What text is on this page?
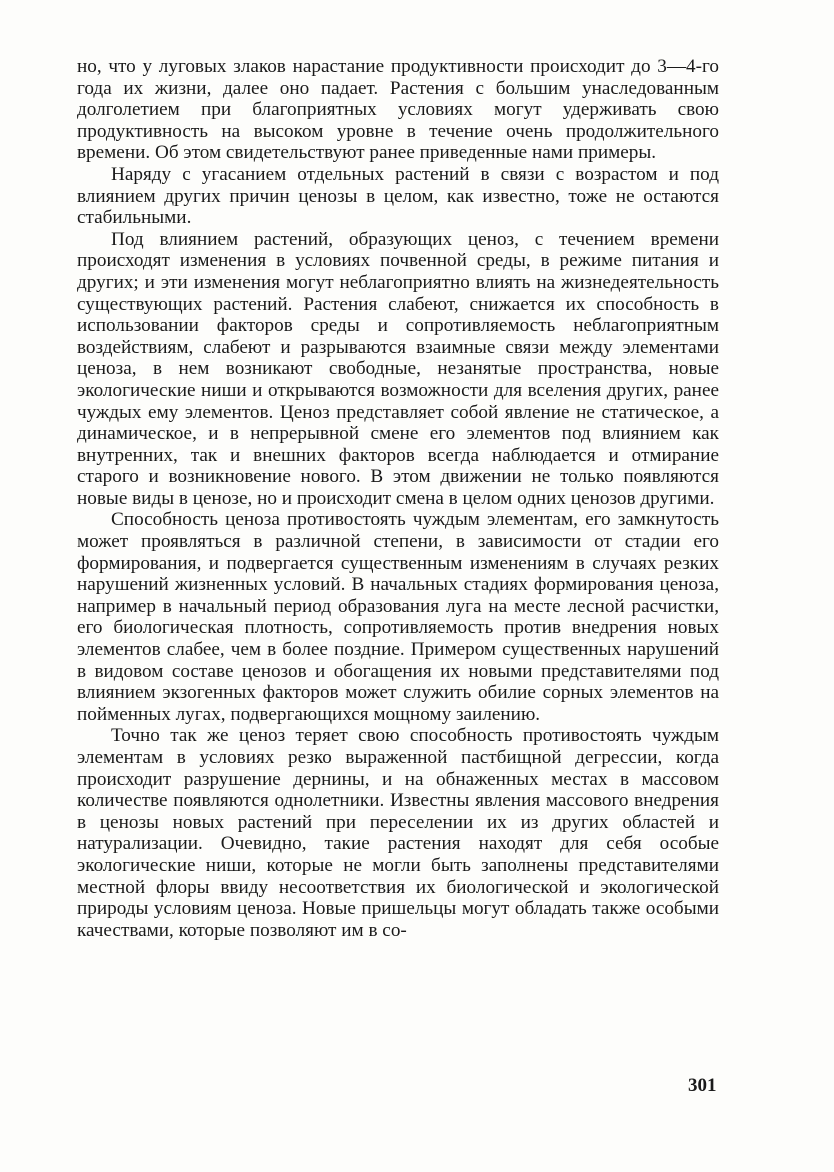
но, что у луговых злаков нарастание продуктивности происходит до 3—4-го года их жизни, далее оно падает. Растения с большим унаследованным долголетием при благоприятных условиях могут удерживать свою продуктивность на высоком уровне в течение очень продолжительного времени. Об этом свидетельствуют ранее приведенные нами примеры.

Наряду с угасанием отдельных растений в связи с возрастом и под влиянием других причин ценозы в целом, как известно, тоже не остаются стабильными.

Под влиянием растений, образующих ценоз, с течением времени происходят изменения в условиях почвенной среды, в режиме питания и других; и эти изменения могут неблагоприятно влиять на жизнедеятельность существующих растений. Растения слабеют, снижается их способность в использовании факторов среды и сопротивляемость неблагоприятным воздействиям, слабеют и разрываются взаимные связи между элементами ценоза, в нем возникают свободные, незанятые пространства, новые экологические ниши и открываются возможности для вселения других, ранее чуждых ему элементов. Ценоз представляет собой явление не статическое, а динамическое, и в непрерывной смене его элементов под влиянием как внутренних, так и внешних факторов всегда наблюдается и отмирание старого и возникновение нового. В этом движении не только появляются новые виды в ценозе, но и происходит смена в целом одних ценозов другими.

Способность ценоза противостоять чуждым элементам, его замкнутость может проявляться в различной степени, в зависимости от стадии его формирования, и подвергается существенным изменениям в случаях резких нарушений жизненных условий. В начальных стадиях формирования ценоза, например в начальный период образования луга на месте лесной расчистки, его биологическая плотность, сопротивляемость против внедрения новых элементов слабее, чем в более поздние. Примером существенных нарушений в видовом составе ценозов и обогащения их новыми представителями под влиянием экзогенных факторов может служить обилие сорных элементов на пойменных лугах, подвергающихся мощному заилению.

Точно так же ценоз теряет свою способность противостоять чуждым элементам в условиях резко выраженной пастбищной дегрессии, когда происходит разрушение дернины, и на обнаженных местах в массовом количестве появляются однолетники. Известны явления массового внедрения в ценозы новых растений при переселении их из других областей и натурализации. Очевидно, такие растения находят для себя особые экологические ниши, которые не могли быть заполнены представителями местной флоры ввиду несоответствия их биологической и экологической природы условиям ценоза. Новые пришельцы могут обладать также особыми качествами, которые позволяют им в со-

301
